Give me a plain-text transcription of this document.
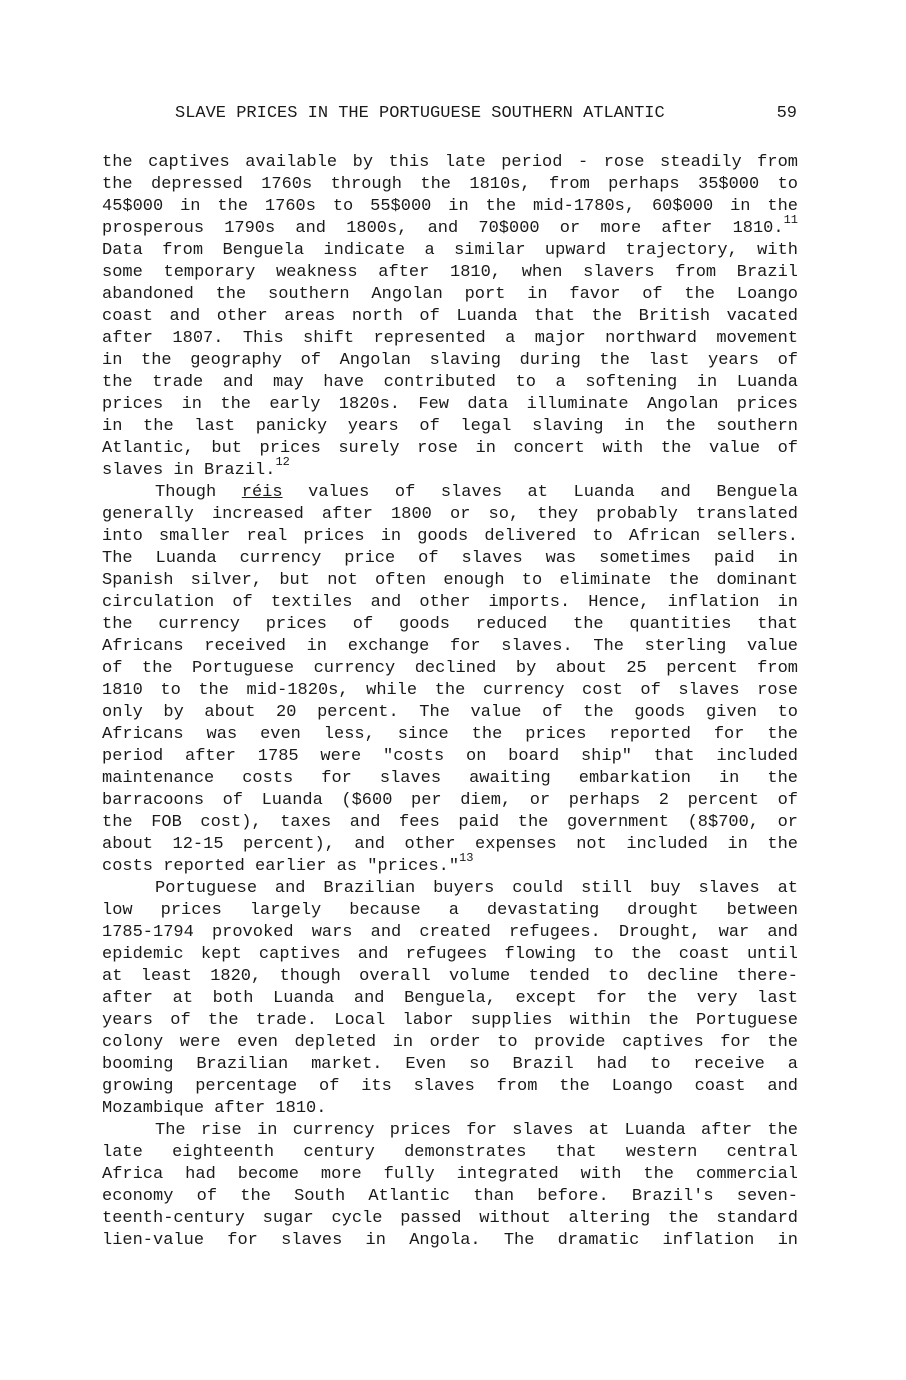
SLAVE PRICES IN THE PORTUGUESE SOUTHERN ATLANTIC

	59

the captives available by this late period - rose steadily from
the depressed 1760s through the 1810s, from perhaps 35$000 to
45$000 in the 1760s to 55$000 in the mid-1780s, 60$000 in the
prosperous 1790s and 1800s, and 70$000 or more after 1810.11
Data from Benguela indicate a similar upward trajectory, with
some temporary weakness after 1810, when slavers from Brazil
abandoned the southern Angolan port in favor of the Loango
coast and other areas north of Luanda that the British vacated
after 1807. This shift represented a major northward movement
in the geography of Angolan slaving during the last years of
the trade and may have contributed to a softening in Luanda
prices in the early 1820s. Few data illuminate Angolan prices
in the last panicky years of legal slaving in the southern
Atlantic, but prices surely rose in concert with the value of
slaves in Brazil.$^{12}$
Though réis values of slaves at Luanda and Benguela
generally increased after 1800 or so, they probably translated
into smaller real prices in goods delivered to African sellers.
The Luanda currency price of slaves was sometimes paid in
Spanish silver, but not often enough to eliminate the dominant
circulation of textiles and other imports. Hence, inflation in
the currency prices of goods reduced the quantities that
Africans received in exchange for slaves. The sterling value
of the Portuguese currency declined by about 25 percent from
1810 to the mid-1820s, while the currency cost of slaves rose
only by about 20 percent. The value of the goods given to
Africans was even less, since the prices reported for the
period after 1785 were "costs on board ship" that included
maintenance costs for slaves awaiting embarkation in the
barracoons of Luanda ($600 per diem, or perhaps 2 percent of
the FOB cost), taxes and fees paid the government (8$700, or
about 12-15 percent), and other expenses not included in the
costs reported earlier as "prices."$^{13}$
Portuguese and Brazilian buyers could still buy slaves at
low prices largely because a devastating drought between
1785-1794 provoked wars and created refugees. Drought, war and
epidemic kept captives and refugees flowing to the coast until
at least 1820, though overall volume tended to decline there-
after at both Luanda and Benguela, except for the very last
years of the trade. Local labor supplies within the Portuguese
colony were even depleted in order to provide captives for the
booming Brazilian market. Even so Brazil had to receive a
growing percentage of its slaves from the Loango coast and
Mozambique after 1810.
The rise in currency prices for slaves at Luanda after the
late eighteenth century demonstrates that western central
Africa had become more fully integrated with the commercial
economy of the South Atlantic than before. Brazil's seven-
teenth-century sugar cycle passed without altering the standard
lien-value for slaves in Angola. The dramatic inflation in
